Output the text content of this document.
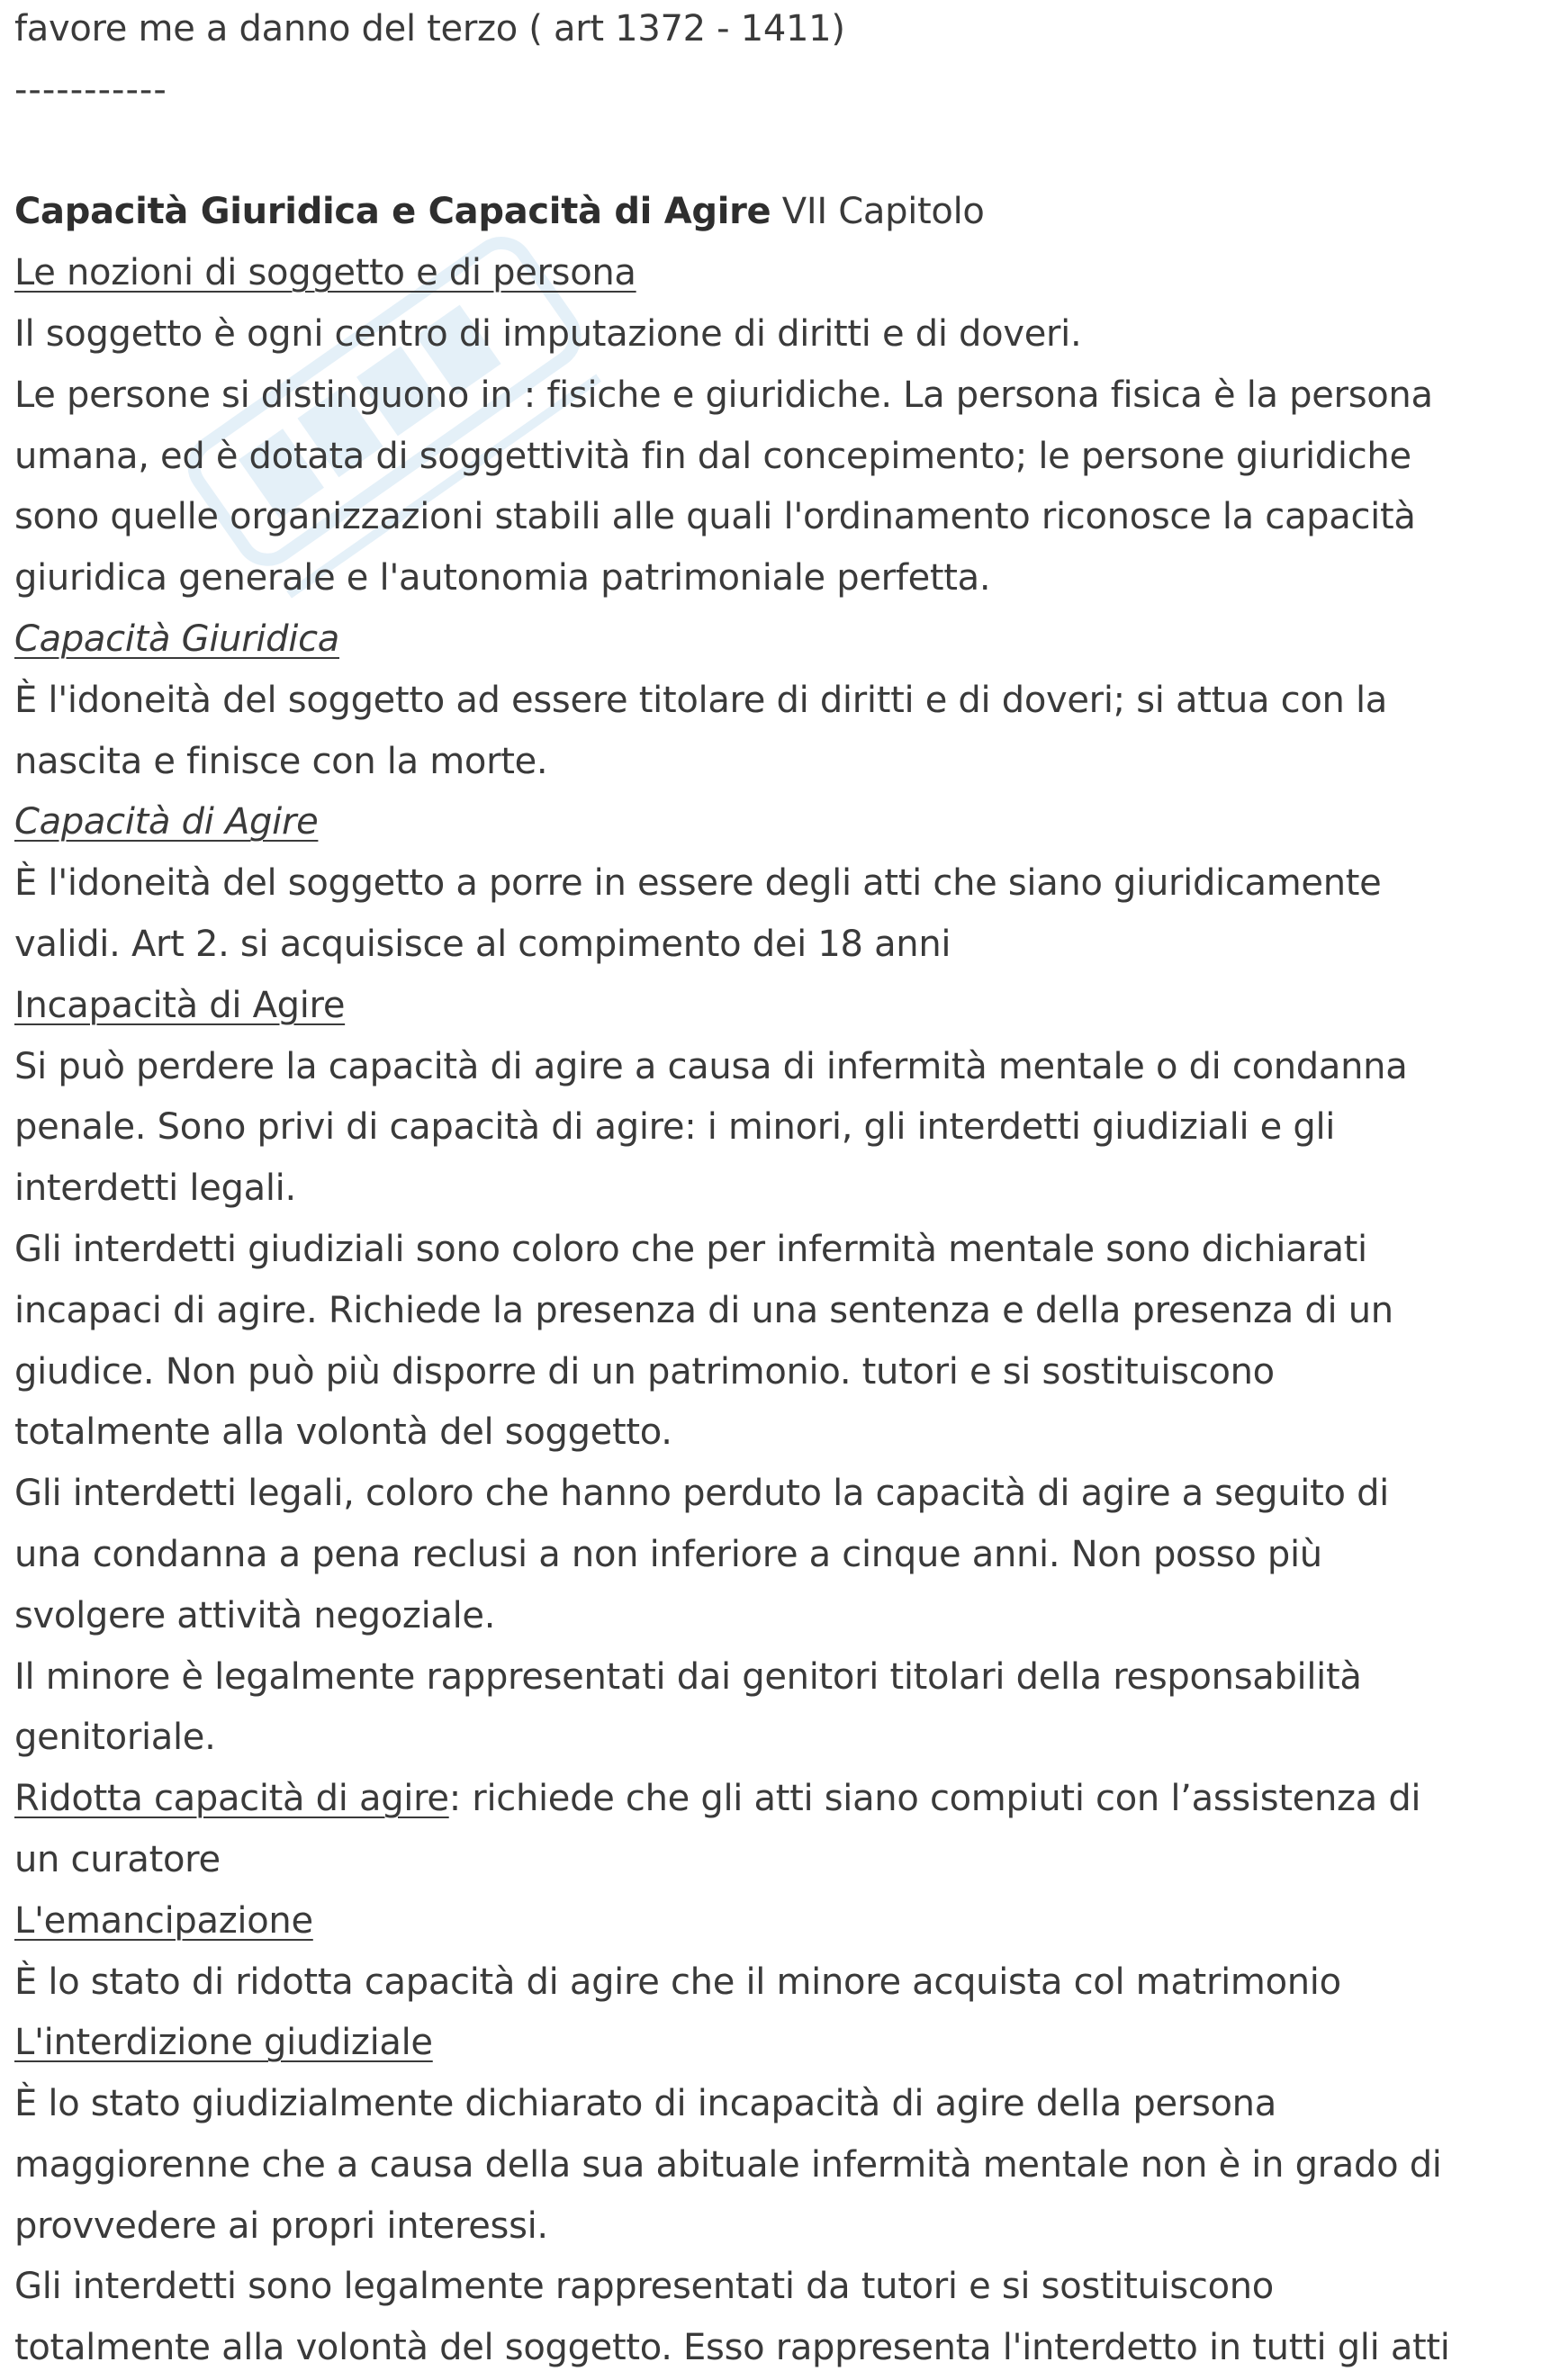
favore me a danno del terzo ( art 1372 - 1411)
-----------
Capacità Giuridica e Capacità di Agire VII Capitolo
Le nozioni di soggetto e di persona
Il soggetto è ogni centro di imputazione di diritti e di doveri.
Le persone si distinguono in : fisiche e giuridiche. La persona fisica è la persona
umana, ed è dotata di soggettività fin dal concepimento; le persone giuridiche
sono quelle organizzazioni stabili alle quali l'ordinamento riconosce la capacità
giuridica generale e l'autonomia patrimoniale perfetta.
Capacità Giuridica
È l'idoneità del soggetto ad essere titolare di diritti e di doveri; si attua con la
nascita e finisce con la morte.
Capacità di Agire
È l'idoneità del soggetto a porre in essere degli atti che siano giuridicamente
validi. Art 2. si acquisisce al compimento dei 18 anni
Incapacità di Agire
Si può perdere la capacità di agire a causa di infermità mentale o di condanna
penale. Sono privi di capacità di agire: i minori, gli interdetti giudiziali e gli
interdetti legali.
Gli interdetti giudiziali sono coloro che per infermità mentale sono dichiarati
incapaci di agire. Richiede la presenza di una sentenza e della presenza di un
giudice. Non può più disporre di un patrimonio. tutori e si sostituiscono
totalmente alla volontà del soggetto.
Gli interdetti legali, coloro che hanno perduto la capacità di agire a seguito di
una condanna a pena reclusi a non inferiore a cinque anni. Non posso più
svolgere attività negoziale.
Il minore è legalmente rappresentati dai genitori titolari della responsabilità
genitoriale.
Ridotta capacità di agire: richiede che gli atti siano compiuti con l’assistenza di
un curatore
L'emancipazione
È lo stato di ridotta capacità di agire che il minore acquista col matrimonio
L'interdizione giudiziale
È lo stato giudizialmente dichiarato di incapacità di agire della persona
maggiorenne che a causa della sua abituale infermità mentale non è in grado di
provvedere ai propri interessi.
Gli interdetti sono legalmente rappresentati da tutori e si sostituiscono
totalmente alla volontà del soggetto. Esso rappresenta l'interdetto in tutti gli atti
